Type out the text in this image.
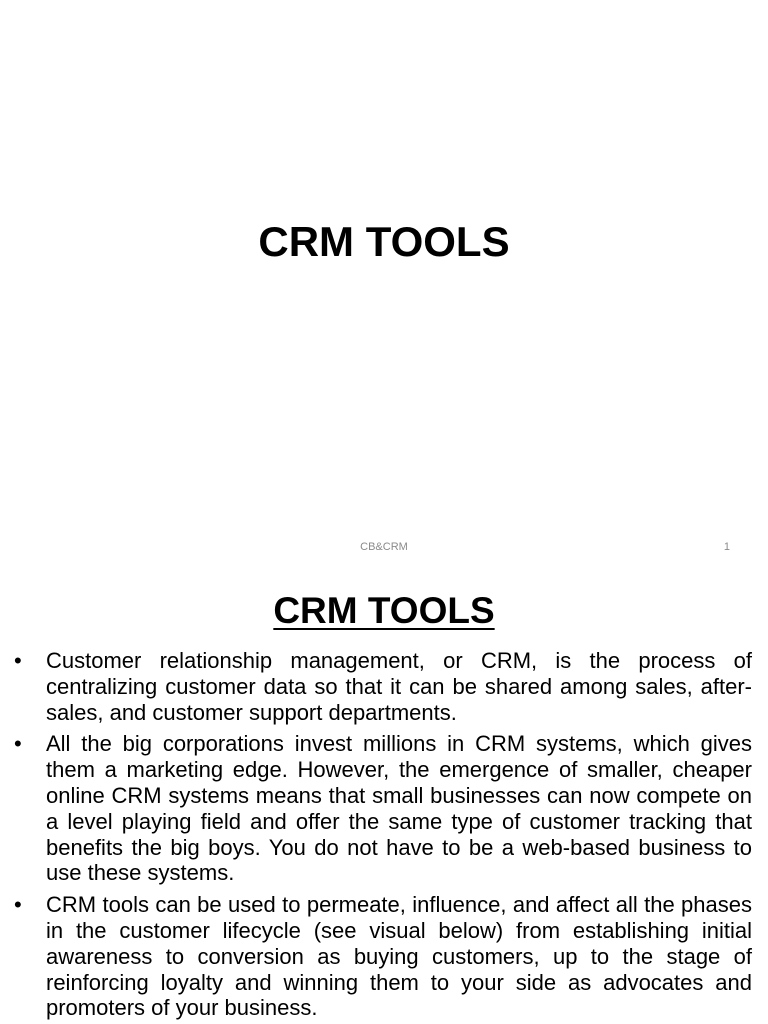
CRM TOOLS
CB&CRM	1
CRM TOOLS
• Customer relationship management, or CRM, is the process of centralizing customer data so that it can be shared among sales, after-sales, and customer support departments.
• All the big corporations invest millions in CRM systems, which gives them a marketing edge. However, the emergence of smaller, cheaper online CRM systems means that small businesses can now compete on a level playing field and offer the same type of customer tracking that benefits the big boys. You do not have to be a web-based business to use these systems.
• CRM tools can be used to permeate, influence, and affect all the phases in the customer lifecycle (see visual below) from establishing initial awareness to conversion as buying customers, up to the stage of reinforcing loyalty and winning them to your side as advocates and promoters of your business.
